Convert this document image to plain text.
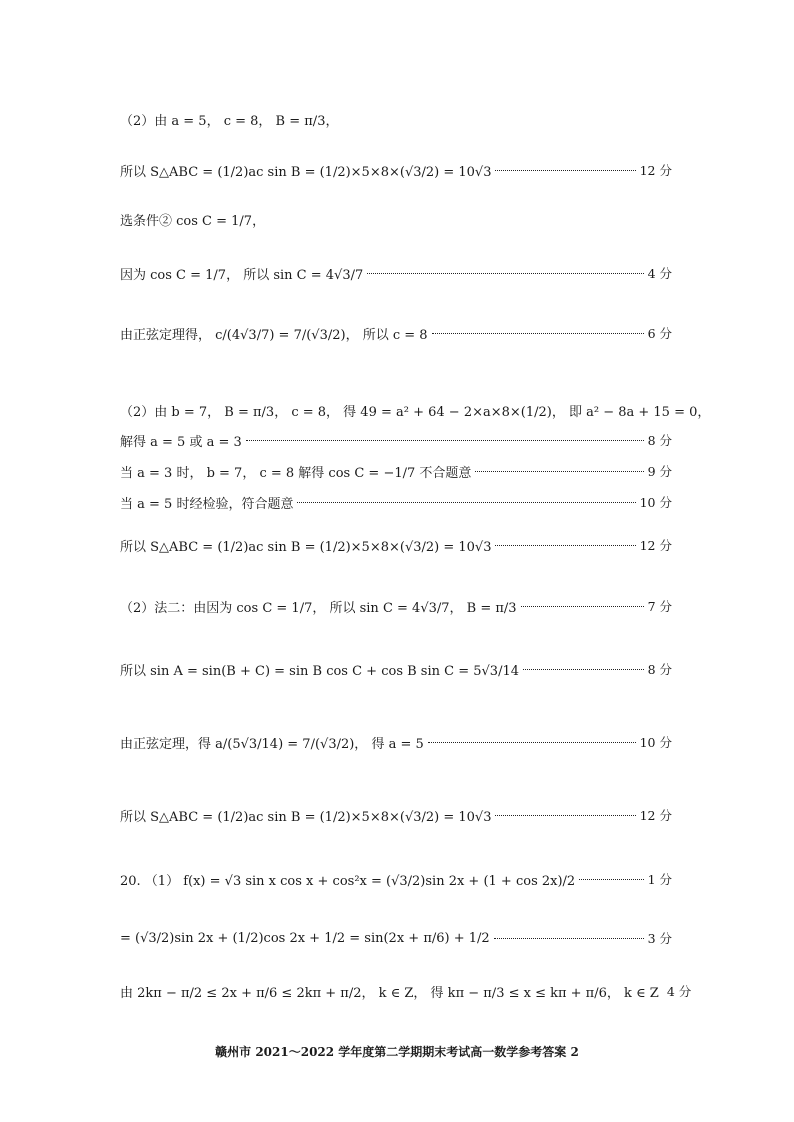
（2）由 a = 5， c = 8， B = π/3，
所以 S△ABC = (1/2)ac sin B = (1/2)×5×8×(√3/2) = 10√3	12 分
选条件② cos C = 1/7，
因为 cos C = 1/7， 所以 sin C = 4√3/7	4 分
由正弦定理得， c/(4√3/7) = 7/(√3/2)， 所以 c = 8	6 分
（2）由 b = 7， B = π/3， c = 8， 得 49 = a² + 64 − 2×a×8×(1/2)， 即 a² − 8a + 15 = 0，
解得 a = 5 或 a = 3	8 分
当 a = 3 时， b = 7， c = 8 解得 cos C = −1/7 不合题意	9 分
当 a = 5 时经检验，符合题意	10 分
所以 S△ABC = (1/2)ac sin B = (1/2)×5×8×(√3/2) = 10√3	12 分
（2）法二：由因为 cos C = 1/7， 所以 sin C = 4√3/7， B = π/3	7 分
所以 sin A = sin(B + C) = sin B cos C + cos B sin C = 5√3/14	8 分
由正弦定理，得 a/(5√3/14) = 7/(√3/2)， 得 a = 5	10 分
所以 S△ABC = (1/2)ac sin B = (1/2)×5×8×(√3/2) = 10√3	12 分
20. （1） f(x) = √3 sin x cos x + cos²x = (√3/2)sin 2x + (1 + cos 2x)/2	1 分
= (√3/2)sin 2x + (1/2)cos 2x + 1/2 = sin(2x + π/6) + 1/2	3 分
由 2kπ − π/2 ≤ 2x + π/6 ≤ 2kπ + π/2， k ∈ Z， 得 kπ − π/3 ≤ x ≤ kπ + π/6， k ∈ Z 4 分
赣州市 2021～2022 学年度第二学期期末考试高一数学参考答案 2
